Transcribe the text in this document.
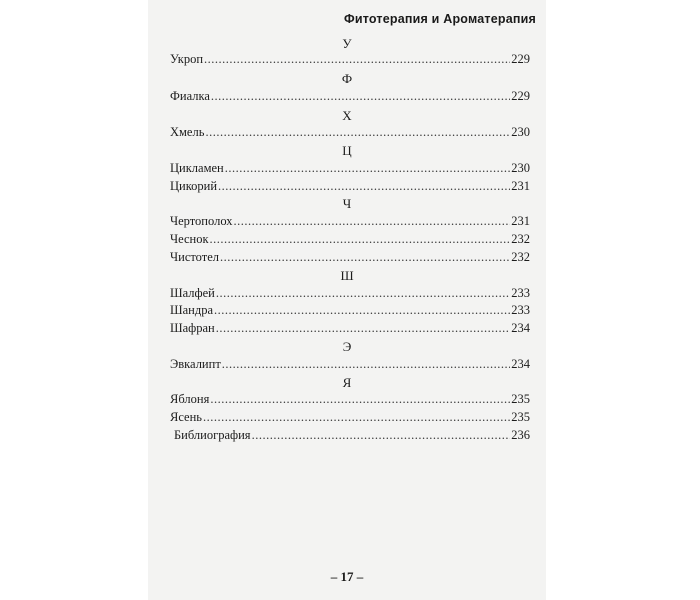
Фитотерапия и Ароматерапия
У
Укроп .....	229
Ф
Фиалка .....	229
Х
Хмель .....	230
Ц
Цикламен .....	230
Цикорий .....	231
Ч
Чертополох .....	231
Чеснок .....	232
Чистотел .....	232
Ш
Шалфей .....	233
Шандра .....	233
Шафран .....	234
Э
Эвкалипт .....	234
Я
Яблоня .....	235
Ясень .....	235
Библиография .....	236
– 17 –
